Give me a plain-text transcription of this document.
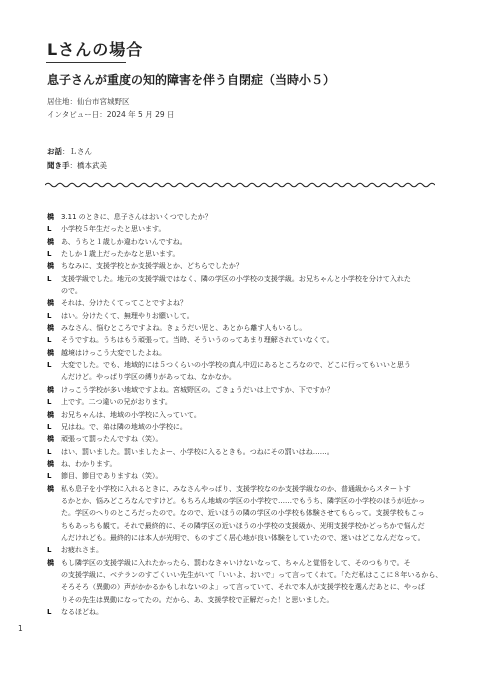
Lさんの場合
息子さんが重度の知的障害を伴う自閉症（当時小５）
居住地：仙台市宮城野区
インタビュー日：2024 年 5 月 29 日
お話：Ｌさん
聞き手：橋本武美
橋	3.11 のときに、息子さんはおいくつでしたか？
L	小学校５年生だったと思います。
橋	あ、うちと１歳しか違わないんですね。
L	たしか１歳上だったかなと思います。
橋	ちなみに、支援学校とか支援学級とか、どちらでしたか？
L	支援学級でした。地元の支援学級ではなく、隣の学区の小学校の支援学級。お兄ちゃんと小学校を分けて入れた
ので。
橋	それは、分けたくてってことですよね？
L	はい。分けたくて、無理やりお願いして。
橋	みなさん、悩むところですよね。きょうだい児と、あとから離す人もいるし。
L	そうですね。うちはもう頑張って。当時、そういうのってあまり理解されていなくて。
橋	越境はけっこう大変でしたよね。
L	大変でした。でも、地域的には５つくらいの小学校の真ん中辺にあるところなので、どこに行ってもいいと思う
んだけど。やっぱり学区の縛りがあってね、なかなか。
橋	けっこう学校が多い地域ですよね。宮城野区の。ごきょうだいは上ですか、下ですか？
L	上です。二つ違いの兄がおります。
橋	お兄ちゃんは、地域の小学校に入っていて。
L	兄はね。で、弟は隣の地域の小学校に。
橋	頑張って罰ったんですね（笑）。
L	はい、罰いました。罰いましたよー、小学校に入るときも。つねにその罰いはね……。
橋	ね、わかります。
L	節目、節目でありますね（笑）。
橋	私も息子を小学校に入れるときに、みなさんやっぱり、支援学校なのか支援学級なのか、普通級からスタートす
るかとか、悩みどころなんですけど。もちろん地域の学区の小学校で……でもうち、隣学区の小学校のほうが近かっ
た。学区のへりのところだったので。なので、近いほうの隣の学区の小学校も体験させてもらって。支援学校もこっ
ちもあっちも観て。それで最終的に、その隣学区の近いほうの小学校の支援級か、光明支援学校かどっちかで悩んだ
んだけれども。最終的には本人が光明で、ものすごく居心地が良い体験をしていたので、迷いはどこなんだなって。
L	お疲れさま。
橋	もし隣学区の支援学級に入れたかったら、罰わなきゃいけないなって、ちゃんと覚悟をして、そのつもりで。そ
の支援学級に、ベテランのすごくいい先生がいて「いいよ、おいで」って言ってくれて。「ただ私はここに８年いるから、
そろそろ（異動の）声がかかるかもしれないのよ」って言っていて、それで本人が支援学校を選んだあとに、やっぱ
りその先生は異動になってたの。だから、あ、支援学校で正解だった！と思いました。
L	なるほどね。
1
